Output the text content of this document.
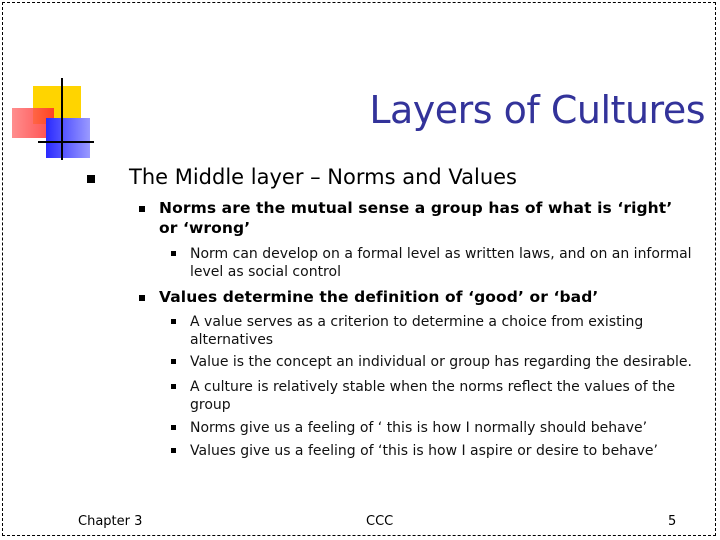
Layers of Cultures

The Middle layer – Norms and Values

Norms are the mutual sense a group has of what is ‘right’

or ‘wrong’

Norm can develop on a formal level as written laws, and on an informal

level as social control

Values determine the definition of ‘good’ or ‘bad’

A value serves as a criterion to determine a choice from existing

alternatives

Value is the concept an individual or group has regarding the desirable.

A culture is relatively stable when the norms reflect the values of the

group

Norms give us a feeling of ‘ this is how I normally should behave’

Values give us a feeling of ‘this is how I aspire or desire to behave’

Chapter 3	CCC	5
